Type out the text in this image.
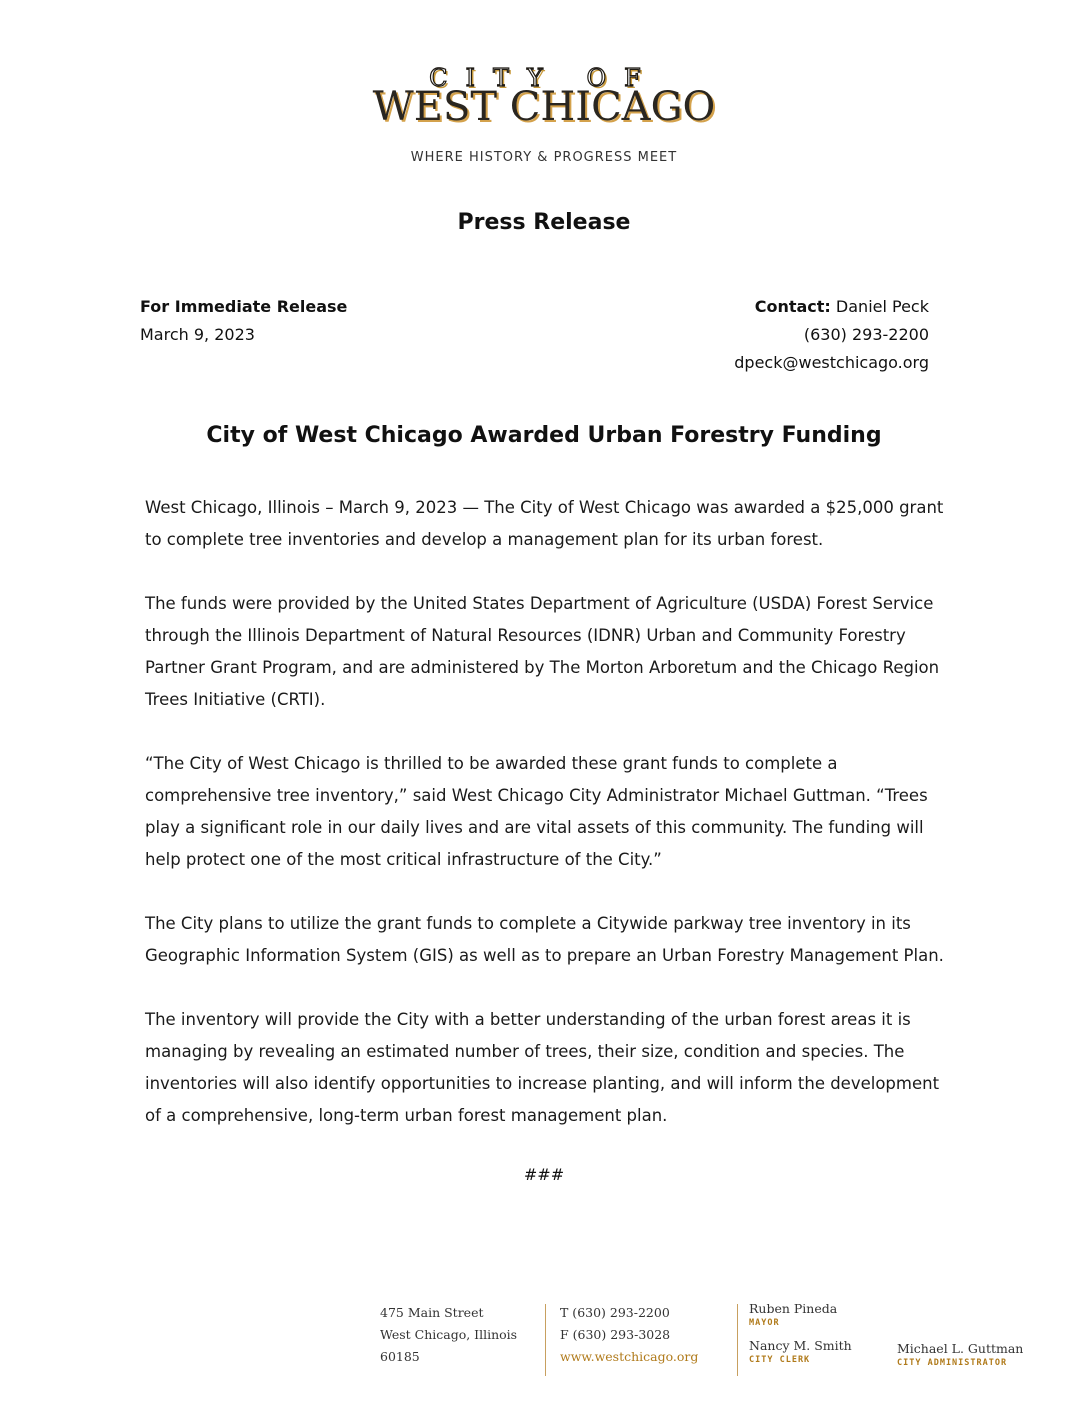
CITY OF
WEST CHICAGO
WHERE HISTORY & PROGRESS MEET
Press Release
For Immediate Release
March 9, 2023
Contact: Daniel Peck
(630) 293-2200
dpeck@westchicago.org
City of West Chicago Awarded Urban Forestry Funding

West Chicago, Illinois – March 9, 2023 — The City of West Chicago was awarded a $25,000 grant to complete tree inventories and develop a management plan for its urban forest.

The funds were provided by the United States Department of Agriculture (USDA) Forest Service through the Illinois Department of Natural Resources (IDNR) Urban and Community Forestry Partner Grant Program, and are administered by The Morton Arboretum and the Chicago Region Trees Initiative (CRTI).

“The City of West Chicago is thrilled to be awarded these grant funds to complete a comprehensive tree inventory,” said West Chicago City Administrator Michael Guttman. “Trees play a significant role in our daily lives and are vital assets of this community. The funding will help protect one of the most critical infrastructure of the City.”

The City plans to utilize the grant funds to complete a Citywide parkway tree inventory in its Geographic Information System (GIS) as well as to prepare an Urban Forestry Management Plan.

The inventory will provide the City with a better understanding of the urban forest areas it is managing by revealing an estimated number of trees, their size, condition and species. The inventories will also identify opportunities to increase planting, and will inform the development of a comprehensive, long-term urban forest management plan.

###
475 Main Street
West Chicago, Illinois
60185
T (630) 293-2200
F (630) 293-3028
www.westchicago.org
Ruben Pineda
MAYOR
Nancy M. Smith
CITY CLERK
Michael L. Guttman
CITY ADMINISTRATOR
